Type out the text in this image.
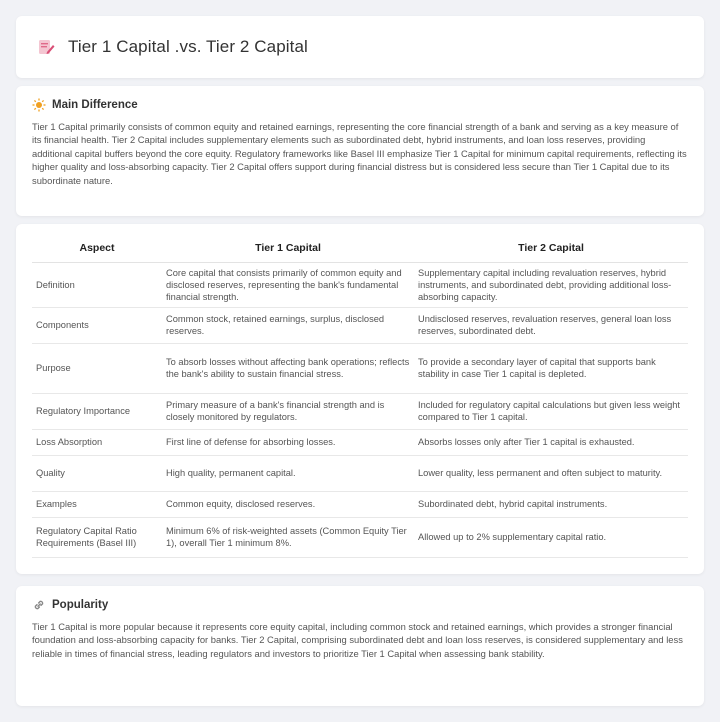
Tier 1 Capital .vs. Tier 2 Capital
Main Difference

Tier 1 Capital primarily consists of common equity and retained earnings, representing the core financial strength of a bank and serving as a key measure of its financial health. Tier 2 Capital includes supplementary elements such as subordinated debt, hybrid instruments, and loan loss reserves, providing additional capital buffers beyond the core equity. Regulatory frameworks like Basel III emphasize Tier 1 Capital for minimum capital requirements, reflecting its higher quality and loss-absorbing capacity. Tier 2 Capital offers support during financial distress but is considered less secure than Tier 1 Capital due to its subordinate nature.

Aspect	Tier 1 Capital	Tier 2 Capital
Definition	Core capital that consists primarily of common equity and disclosed reserves, representing the bank's fundamental financial strength.	Supplementary capital including revaluation reserves, hybrid instruments, and subordinated debt, providing additional loss-absorbing capacity.
Components	Common stock, retained earnings, surplus, disclosed reserves.	Undisclosed reserves, revaluation reserves, general loan loss reserves, subordinated debt.
Purpose	To absorb losses without affecting bank operations; reflects the bank's ability to sustain financial stress.	To provide a secondary layer of capital that supports bank stability in case Tier 1 capital is depleted.
Regulatory Importance	Primary measure of a bank's financial strength and is closely monitored by regulators.	Included for regulatory capital calculations but given less weight compared to Tier 1 capital.
Loss Absorption	First line of defense for absorbing losses.	Absorbs losses only after Tier 1 capital is exhausted.
Quality	High quality, permanent capital.	Lower quality, less permanent and often subject to maturity.
Examples	Common equity, disclosed reserves.	Subordinated debt, hybrid capital instruments.
Regulatory Capital Ratio Requirements (Basel III)	Minimum 6% of risk-weighted assets (Common Equity Tier 1), overall Tier 1 minimum 8%.	Allowed up to 2% supplementary capital ratio.
Popularity

Tier 1 Capital is more popular because it represents core equity capital, including common stock and retained earnings, which provides a stronger financial foundation and loss-absorbing capacity for banks. Tier 2 Capital, comprising subordinated debt and loan loss reserves, is considered supplementary and less reliable in times of financial stress, leading regulators and investors to prioritize Tier 1 Capital when assessing bank stability.
